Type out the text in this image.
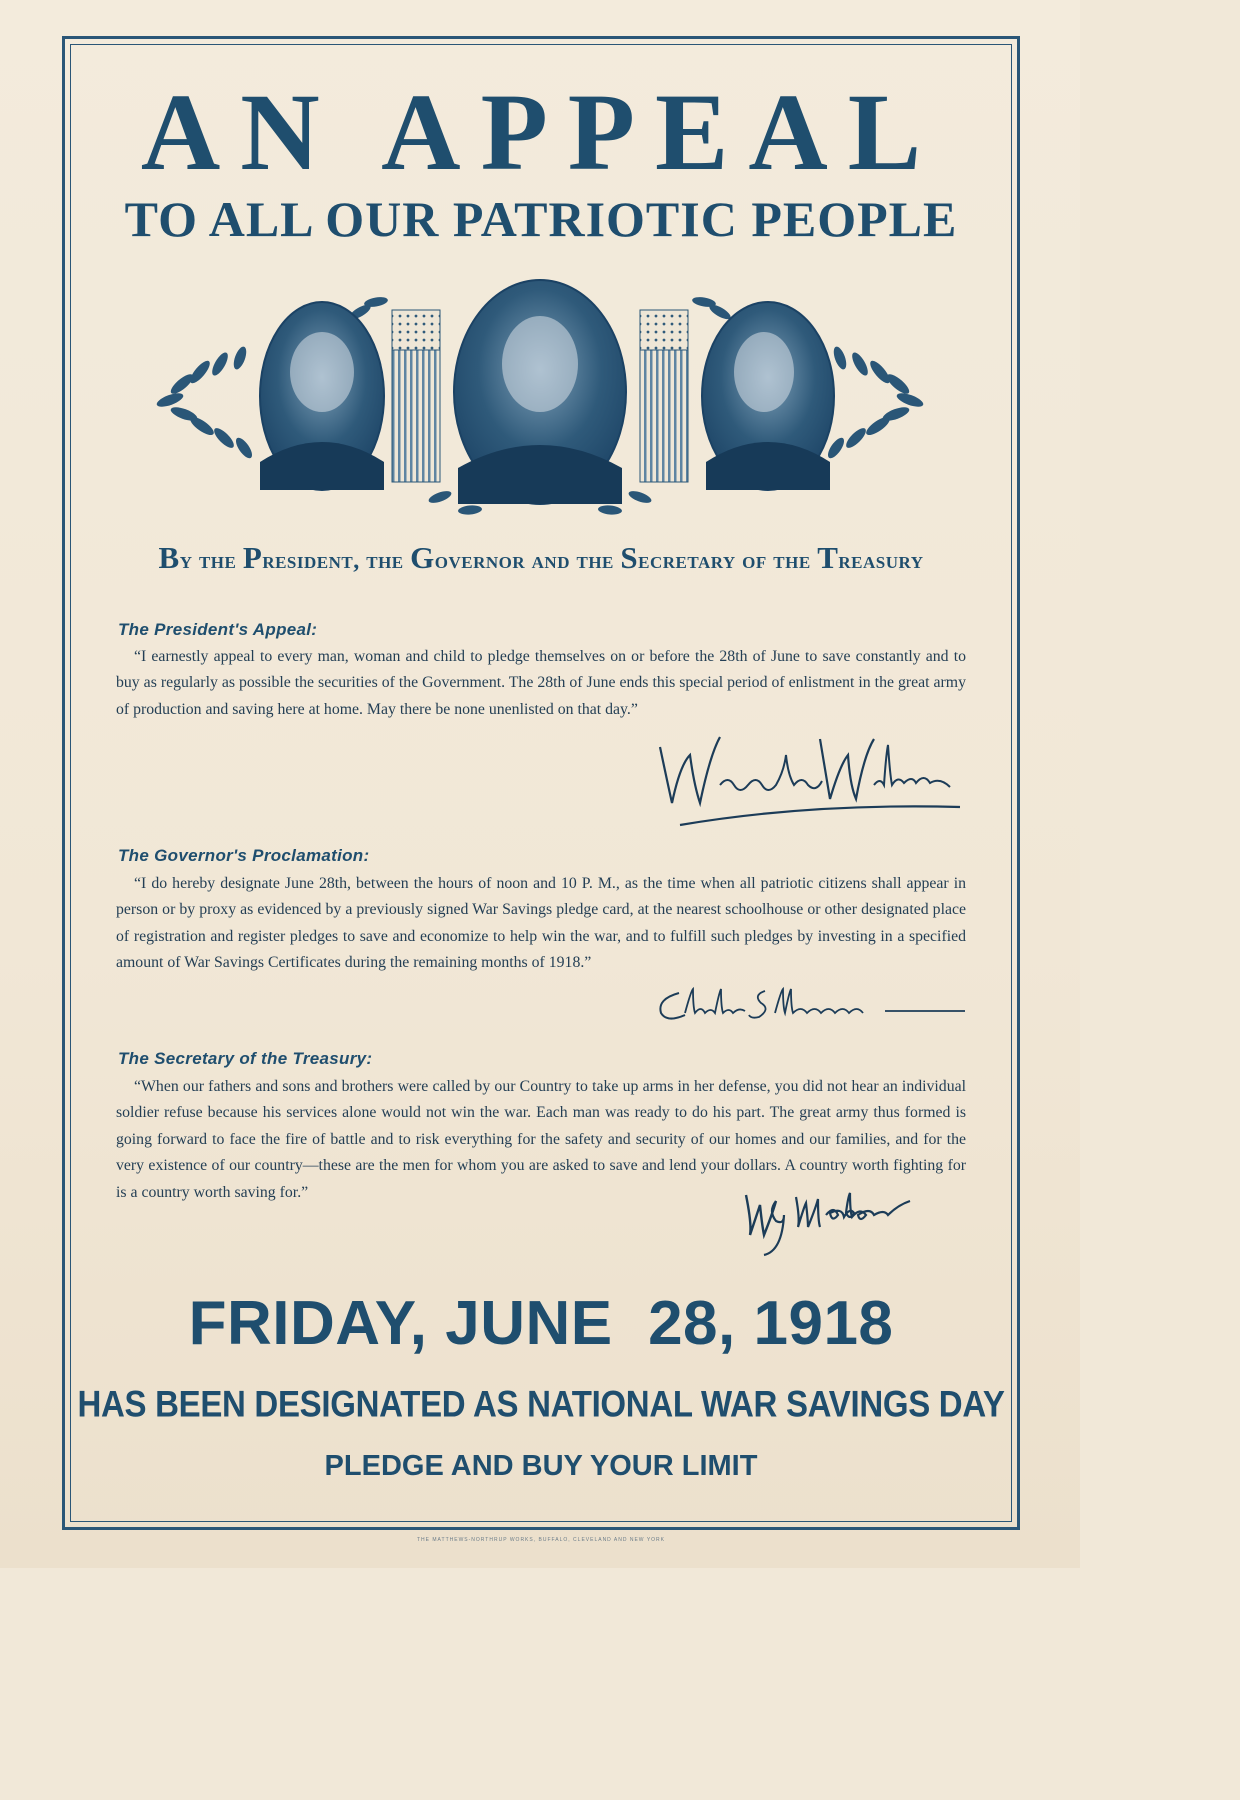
AN APPEAL
TO ALL OUR PATRIOTIC PEOPLE
By the President, the Governor and the Secretary of the Treasury
The President's Appeal:
“I earnestly appeal to every man, woman and child to pledge themselves on or before the 28th of June to save constantly and to buy as regularly as possible the securities of the Government. The 28th of June ends this special period of enlistment in the great army of production and saving here at home. May there be none unenlisted on that day.”
The Governor's Proclamation:
“I do hereby designate June 28th, between the hours of noon and 10 P. M., as the time when all patriotic citizens shall appear in person or by proxy as evidenced by a previously signed War Savings pledge card, at the nearest schoolhouse or other designated place of registration and register pledges to save and economize to help win the war, and to fulfill such pledges by investing in a specified amount of War Savings Certificates during the remaining months of 1918.”
The Secretary of the Treasury:
“When our fathers and sons and brothers were called by our Country to take up arms in her defense, you did not hear an individual soldier refuse because his services alone would not win the war. Each man was ready to do his part. The great army thus formed is going forward to face the fire of battle and to risk everything for the safety and security of our homes and our families, and for the very existence of our country—these are the men for whom you are asked to save and lend your dollars. A country worth fighting for is a country worth saving for.”
FRIDAY, JUNE  28, 1918
HAS BEEN DESIGNATED AS NATIONAL WAR SAVINGS DAY
PLEDGE AND BUY YOUR LIMIT
THE MATTHEWS-NORTHRUP WORKS, BUFFALO, CLEVELAND AND NEW YORK
